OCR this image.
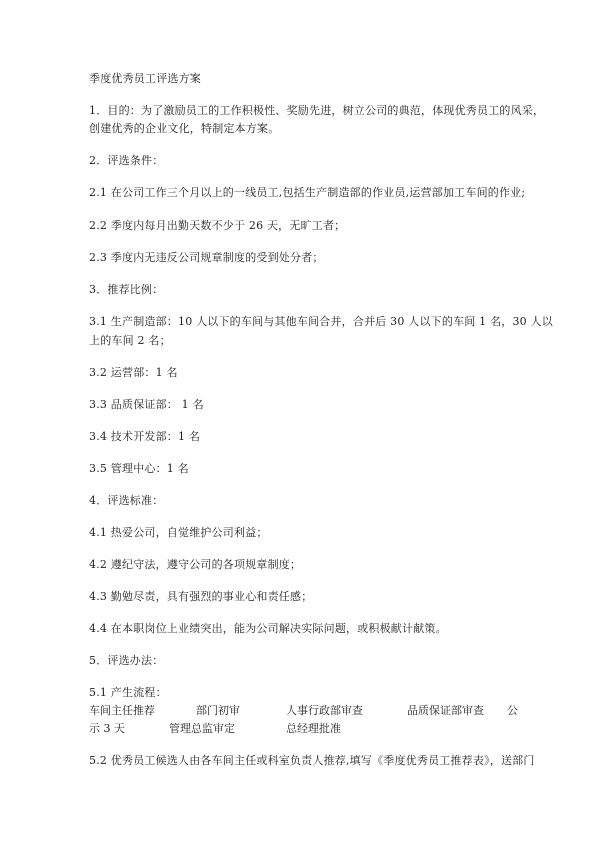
季度优秀员工评选方案
1．目的：为了激励员工的工作积极性、奖励先进，树立公司的典范，体现优秀员工的风采，
创建优秀的企业文化，特制定本方案。
2．评选条件：
2.1 在公司工作三个月以上的一线员工,包括生产制造部的作业员,运营部加工车间的作业;
2.2 季度内每月出勤天数不少于 26 天，无旷工者；
2.3 季度内无违反公司规章制度的受到处分者；
3．推荐比例：
3.1 生产制造部：10 人以下的车间与其他车间合并，合并后 30 人以下的车间 1 名，30 人以
上的车间 2 名；
3.2 运营部：1 名
3.3 品质保证部： 1 名
3.4 技术开发部：1 名
3.5 管理中心：1 名
4．评选标准：
4.1 热爱公司，自觉维护公司利益；
4.2 遵纪守法，遵守公司的各项规章制度；
4.3 勤勉尽责，具有强烈的事业心和责任感；
4.4 在本职岗位上业绩突出，能为公司解决实际问题，或积极献计献策。
5．评选办法：
5.1 产生流程：
车间主任推荐	部门初审	人事行政部审查	品质保证部审查 公
示 3 天	管理总监审定	总经理批准
5.2 优秀员工候选人由各车间主任或科室负责人推荐,填写《季度优秀员工推荐表》，送部门
